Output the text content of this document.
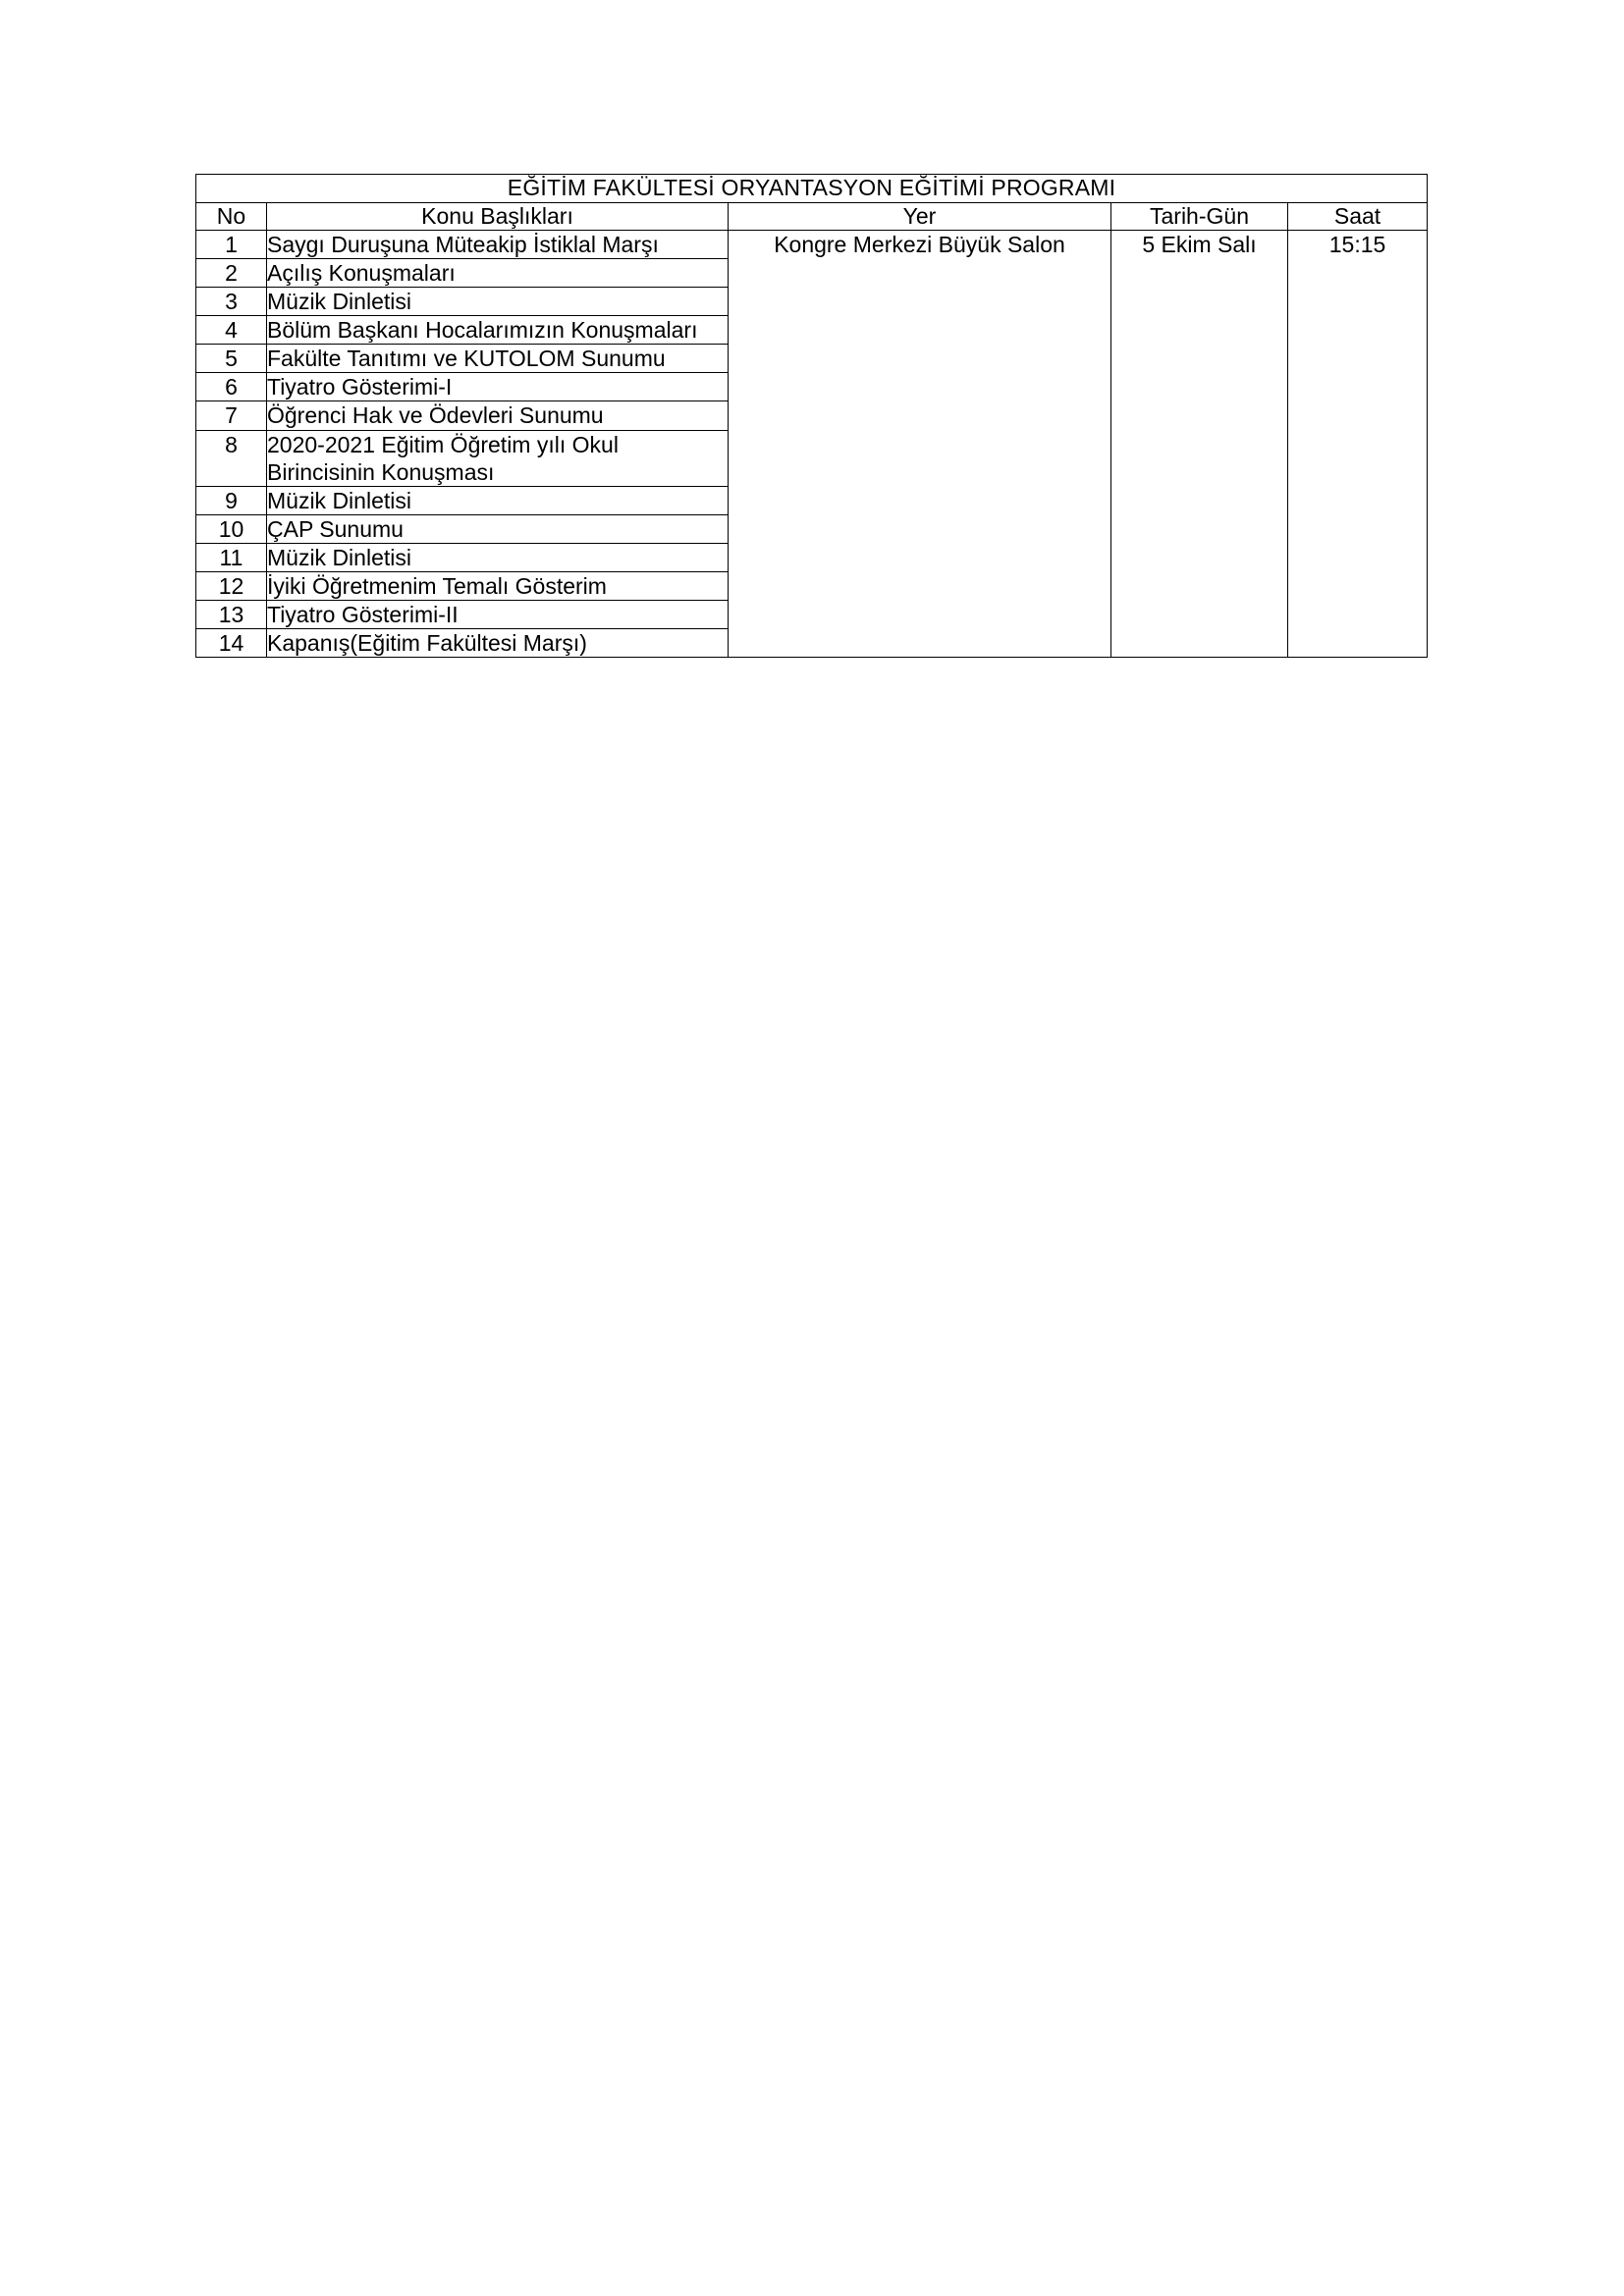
EĞİTİM FAKÜLTESİ ORYANTASYON EĞİTİMİ PROGRAMI				
No	Konu Başlıkları	Yer	Tarih-Gün	Saat
1	Saygı Duruşuna Müteakip İstiklal Marşı	Kongre Merkezi Büyük Salon	5 Ekim Salı	15:15
2	Açılış Konuşmaları			
3	Müzik Dinletisi			
4	Bölüm Başkanı Hocalarımızın Konuşmaları			
5	Fakülte Tanıtımı ve KUTOLOM Sunumu			
6	Tiyatro Gösterimi-I			
7	Öğrenci Hak ve Ödevleri Sunumu			
8	2020-2021 Eğitim Öğretim yılı Okul Birincisinin Konuşması			
9	Müzik Dinletisi			
10	ÇAP Sunumu			
11	Müzik Dinletisi			
12	İyiki Öğretmenim Temalı Gösterim			
13	Tiyatro Gösterimi-II			
14	Kapanış(Eğitim Fakültesi Marşı)			
